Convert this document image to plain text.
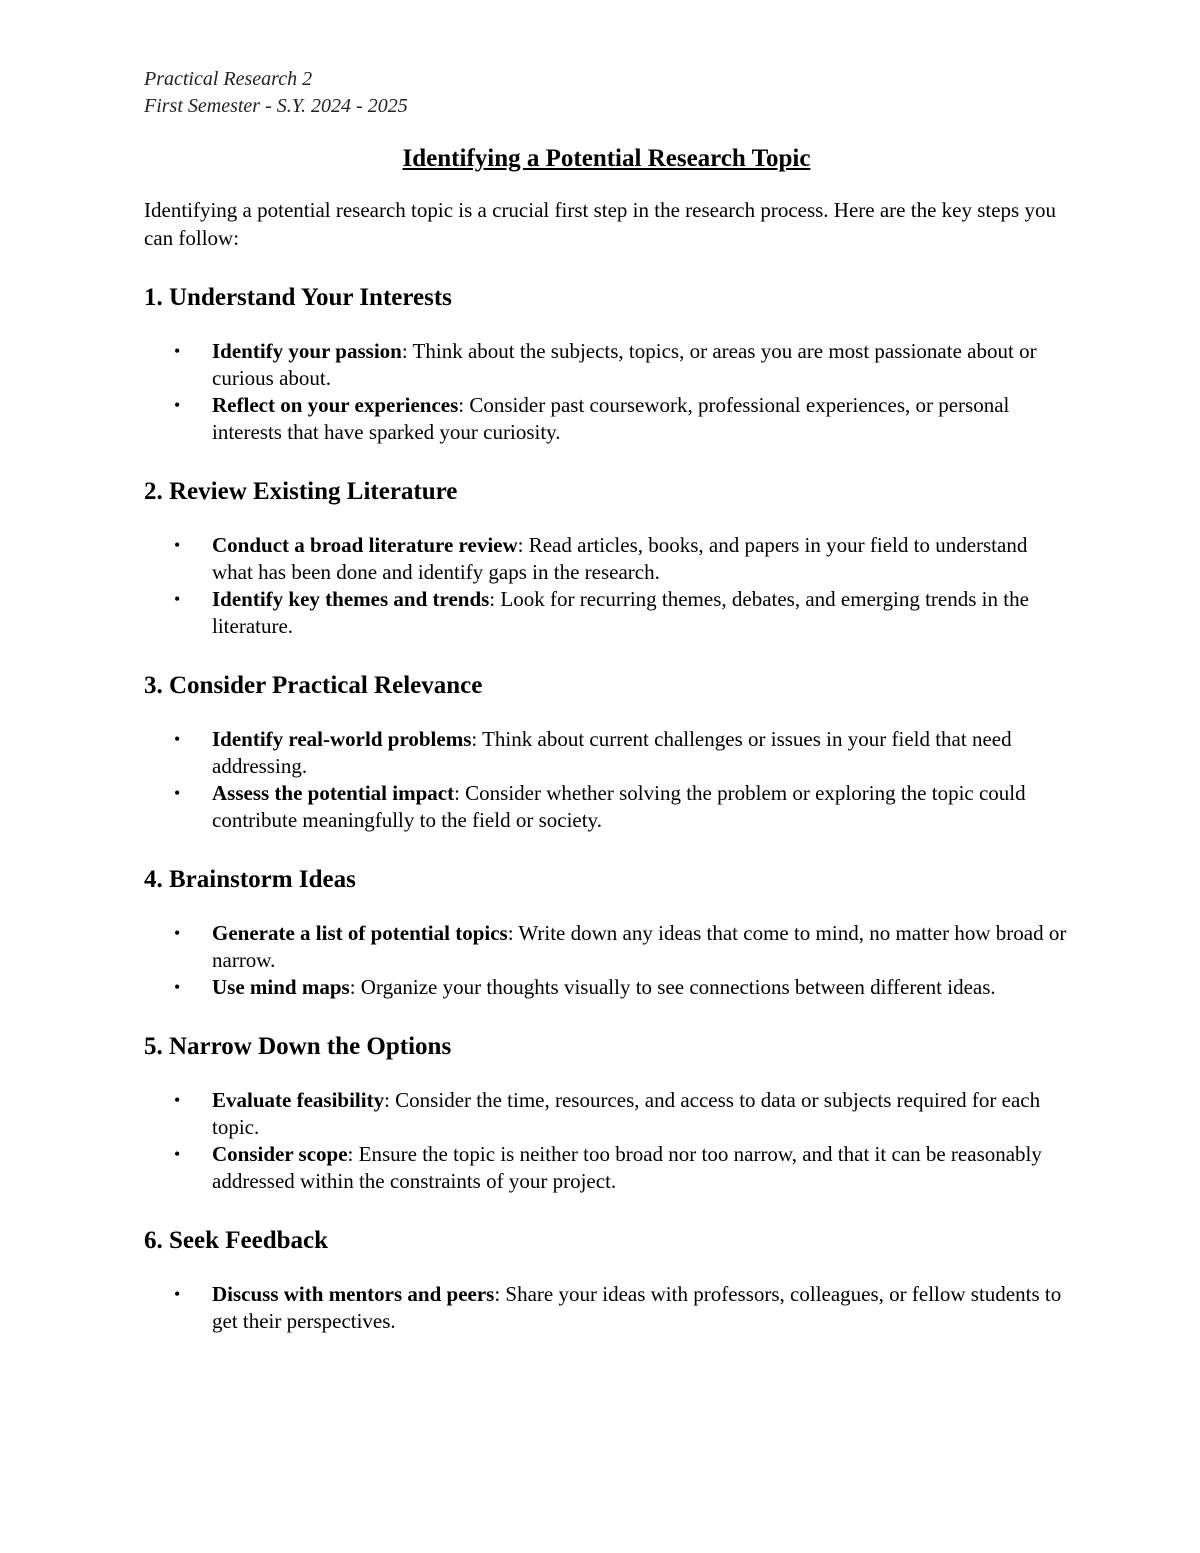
Practical Research 2
First Semester - S.Y. 2024 - 2025
Identifying a Potential Research Topic
Identifying a potential research topic is a crucial first step in the research process. Here are the key steps you can follow:
1. Understand Your Interests
• Identify your passion: Think about the subjects, topics, or areas you are most passionate about or curious about.
• Reflect on your experiences: Consider past coursework, professional experiences, or personal interests that have sparked your curiosity.
2. Review Existing Literature
• Conduct a broad literature review: Read articles, books, and papers in your field to understand what has been done and identify gaps in the research.
• Identify key themes and trends: Look for recurring themes, debates, and emerging trends in the literature.
3. Consider Practical Relevance
• Identify real-world problems: Think about current challenges or issues in your field that need addressing.
• Assess the potential impact: Consider whether solving the problem or exploring the topic could contribute meaningfully to the field or society.
4. Brainstorm Ideas
• Generate a list of potential topics: Write down any ideas that come to mind, no matter how broad or narrow.
• Use mind maps: Organize your thoughts visually to see connections between different ideas.
5. Narrow Down the Options
• Evaluate feasibility: Consider the time, resources, and access to data or subjects required for each topic.
• Consider scope: Ensure the topic is neither too broad nor too narrow, and that it can be reasonably addressed within the constraints of your project.
6. Seek Feedback
• Discuss with mentors and peers: Share your ideas with professors, colleagues, or fellow students to get their perspectives.
